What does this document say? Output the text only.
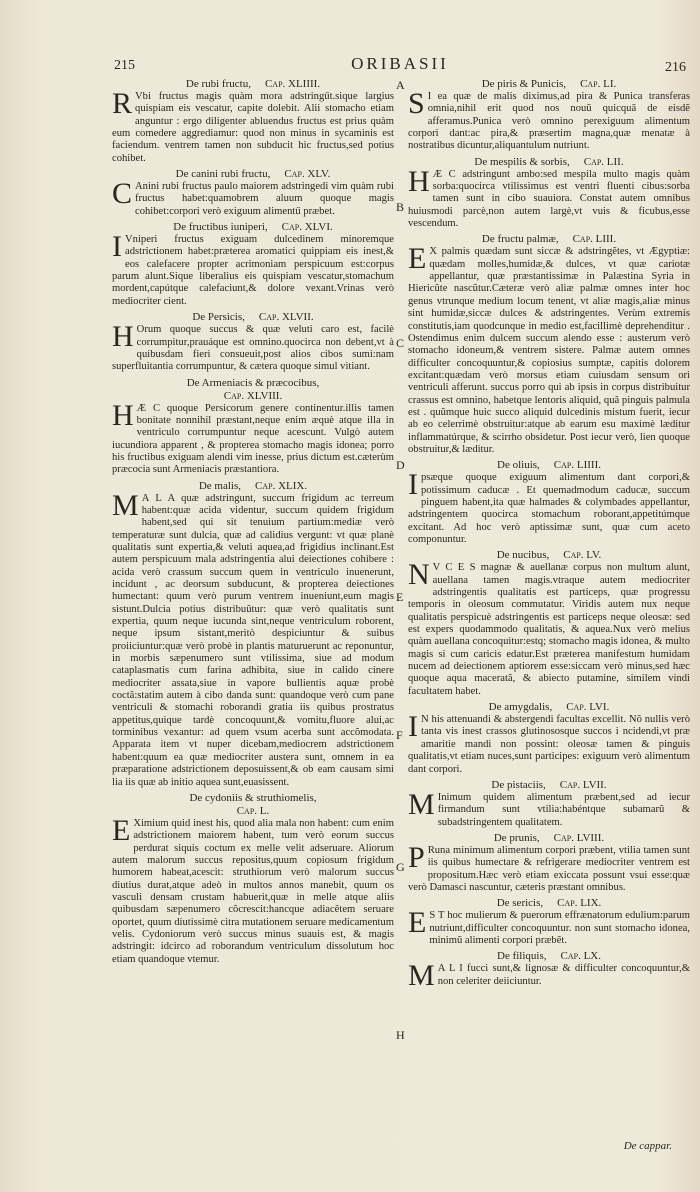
215	ORIBASII	216
De rubi fructu, Cap. XLIIII.

R Vbi fructus magis quàm mora adstringűt.sique largius quispiam eis vescatur, capite dolebit. Alii stomacho etiam anguntur : ergo diligenter abluendus fructus est prius quàm eum comedere aggrediamur: quod non minus in sycaminis est faciendum. ventrem tamen non subducit hic fructus,sed potius cohibet.

De canini rubi fructu, Cap. XLV.

C Anini rubi fructus paulo maiorem adstringedi vim quàm rubi fructus habet:quamobrem aluum quoque magis cohibet:corpori verò exiguum alimentű præbet.

De fructibus iuniperi, Cap. XLVI.

I Vniperi fructus exiguam dulcedinem minoremque adstrictionem habet:præterea aromatici quippiam eis inest,& eos calefacere propter acrimoniam perspicuum est:corpus parum alunt.Sique liberalius eis quispiam vescatur,stomachum mordent,capútque calefaciunt,& dolore vexant.Vrinas verò mediocriter cient.

De Persicis, Cap. XLVII.

H Orum quoque succus & quæ veluti caro est, facilè corrumpitur,prauáque est omnino.quocirca non debent,vt à quibusdam fieri consueuit,post alios cibos sumi:nam superfluitantia corrumpuntur, & cætera quoque simul vitiant.

De Armeniacis & præcocibus,
Cap. XLVIII.

H Æ C quoque Persicorum genere continentur.illis tamen bonitate nonnihil præstant,neque enim æquè atque illa in ventriculo corrumpuntur neque acescunt. Vulgò autem iucundiora apparent , & propterea stomacho magis idonea; porro his fructibus exiguam alendi vim inesse, prius dictum est.cæterùm præcocia sunt Armeniacis præstantiora.

De malis, Cap. XLIX.

M A L A quæ adstringunt, succum frigidum ac terreum habent:quæ acida videntur, succum quidem frigidum habent,sed qui sit tenuium partium:mediæ verò temperaturæ sunt dulcia, quæ ad calidius vergunt: vt quæ planè qualitatis sunt expertia,& veluti aquea,ad frigidius inclinant.Est autem perspicuum mala adstringentia alui deiectiones cohibere : acida verò crassum succum quem in ventriculo inuenerunt, incidunt , ac deorsum subducunt, & propterea deiectiones humectant: quum verò purum ventrem inueniunt,eum magis sistunt.Dulcia potius distribuũtur: quæ verò qualitatis sunt expertia, quum neque iucunda sint,neque ventriculum roborent, neque ipsum sistant,meritò despiciuntur & suibus proiiciuntur:quæ verò probè in plantis maturuerunt ac reponuntur, in morbis sæpenumero sunt vtilissima, siue ad modum cataplasmatis cum farina adhibita, siue in calido cinere mediocriter assata,siue in vapore bullientis aquæ probè coctã:statim autem à cibo danda sunt: quandoque verò cum pane ventriculi & stomachi roborandi gratia iis quibus prostratus appetitus,quique tardè concoquunt,& vomitu,fluore alui,ac torminibus vexantur: ad quem vsum acerba sunt accõmodata. Apparata item vt nuper dicebam,mediocrem adstrictionem habent:quum ea quæ mediocriter austera sunt, omnem in ea præparatione adstrictionem deposuissent,& ob eam causam simi lia iis quæ ab initio aquea sunt,euasissent.

De cydoniis & struthiomelis,
Cap. L.

E Ximium quid inest his, quod alia mala non habent: cum enim adstrictionem maiorem habent, tum verò eorum succus perdurat siquis coctum ex melle velit adseruare. Aliorum autem malorum succus repositus,quum copiosum frigidum humorem habeat,acescit: struthiorum verò malorum succus diutius durat,atque adeò in multos annos manebit, quum os vasculi densam crustam habuerit,quæ in melle atque aliis quibusdam sæpenumero cõcrescit:hancque adiacẽtem seruare oportet, quum diutissimè citra mutationem seruare medicamentum velis. Cydoniorum verò succus minus suauis est, & magis adstringit: idcirco ad roborandum ventriculum dissolutum hoc etiam quandoque vtemur.

De piris & Punicis, Cap. LI.

S I ea quæ de malis diximus,ad pira & Punica transferas omnia,nihil erit quod nos nouũ quicquã de eisdẽ afferamus.Punica verò omnino perexiguum alimentum corpori dant:ac pira,& præsertim magna,quæ menatæ à nostratibus dicuntur,aliquantulum nutriunt.

De mespilis & sorbis, Cap. LII.

H Æ C adstringunt ambo:sed mespila multo magis quàm sorba:quocirca vtilissimus est ventri fluenti cibus:sorba tamen sunt in cibo suauiora. Constat autem omnibus huiusmodi parcè,non autem largè,vt vuis & ficubus,esse vescendum.

De fructu palmæ, Cap. LIII.

E X palmis quædam sunt siccæ & adstringẽtes, vt Ægyptiæ: quædam molles,humidæ,& dulces, vt quæ cariotæ appellantur, quæ præstantissimæ in Palæstina Syria in Hiericũte nascũtur.Cæteræ verò aliæ palmæ omnes inter hoc genus vtrunque medium locum tenent, vt aliæ magis,aliæ minus sint humidæ,siccæ dulces & adstringentes. Verùm extremis constitutis,iam quodcunque in medio est,facillimè deprehenditur . Ostendimus enim dulcem succum alendo esse : austerum verò stomacho idoneum,& ventrem sistere. Palmæ autem omnes difficulter concoquuntur,& copiosius sumptæ, capitis dolorem excitant:quædam verò morsus etiam cuiusdam sensum ori ventriculi afferunt. succus porro qui ab ipsis in corpus distribuitur crassus est omnino, habetque lentoris aliquid, quã pinguis palmula est . quũmque huic succo aliquid dulcedinis mistum fuerit, iecur ab eo celerrimè obstruitur:atque ab earum esu maximè læditur inflammatúrque, & scirrho obsidetur. Post iecur verò, lien quoque obstruitur,& læditur.

De oliuis, Cap. LIIII.

Ipsæque quoque exiguum alimentum dant corpori,& potissimum caducæ . Et quemadmodum caducæ, succum pinguem habent,ita quæ halmades & colymbades appellantur, adstringentem quocirca stomachum roborant,appetitúmque excitant. Ad hoc verò aptissimæ sunt, quæ cum aceto componuntur.

De nucibus, Cap. LV.

N V C E S magnæ & auellanæ corpus non multum alunt, auellana tamen magis.vtraque autem mediocriter adstringentis qualitatis est particeps, quæ progressu temporis in oleosum commutatur. Viridis autem nux neque qualitatis perspicuè adstringentis est particeps neque oleosæ: sed est expers quodammodo qualitatis, & aquea.Nux verò melius quàm auellana concoquitur:estq; stomacho magis idonea, & multo magis si cum caricis edatur.Est præterea manifestum humidam nucem ad deiectionem aptiorem esse:siccam verò minus,sed hæc quoque aqua maceratã, & abiecto putamine, similem vindi facultatem habet.

De amygdalis, Cap. LVI.

I N his attenuandi & abstergendi facultas excellit. Nõ nullis verò tanta vis inest crassos glutinososque succos i ncidendi,vt præ amaritie mandi non possint: oleosæ tamen & pinguis qualitatis,vt etiam nuces,sunt participes: exiguum verò alimentum dant corpori.

De pistaciis, Cap. LVII.

M Inimum quidem alimentum præbent,sed ad iecur firmandum sunt vtilia:habéntque subamarũ & subadstringentem qualitatem.

De prunis, Cap. LVIII.

P Runa minimum alimentum corpori præbent, vtilia tamen sunt iis quibus humectare & refrigerare mediocriter ventrem est propositum.Hæc verò etiam exiccata possunt vsui esse:quæ verò Damasci nascuntur, cæteris præstant omnibus.

De sericis, Cap. LIX.

E S T hoc mulierum & puerorum effrænatorum edulium:parum nutriunt,difficulter concoquuntur. non sunt stomacho idonea, minimũ alimenti corpori præbẽt.

De filiquis, Cap. LX.

M A L I fucci sunt,& lignosæ & difficulter concoquuntur,& non celeriter deiiciuntur.

A
B
C
D
E
F
G
H
De cappar.
